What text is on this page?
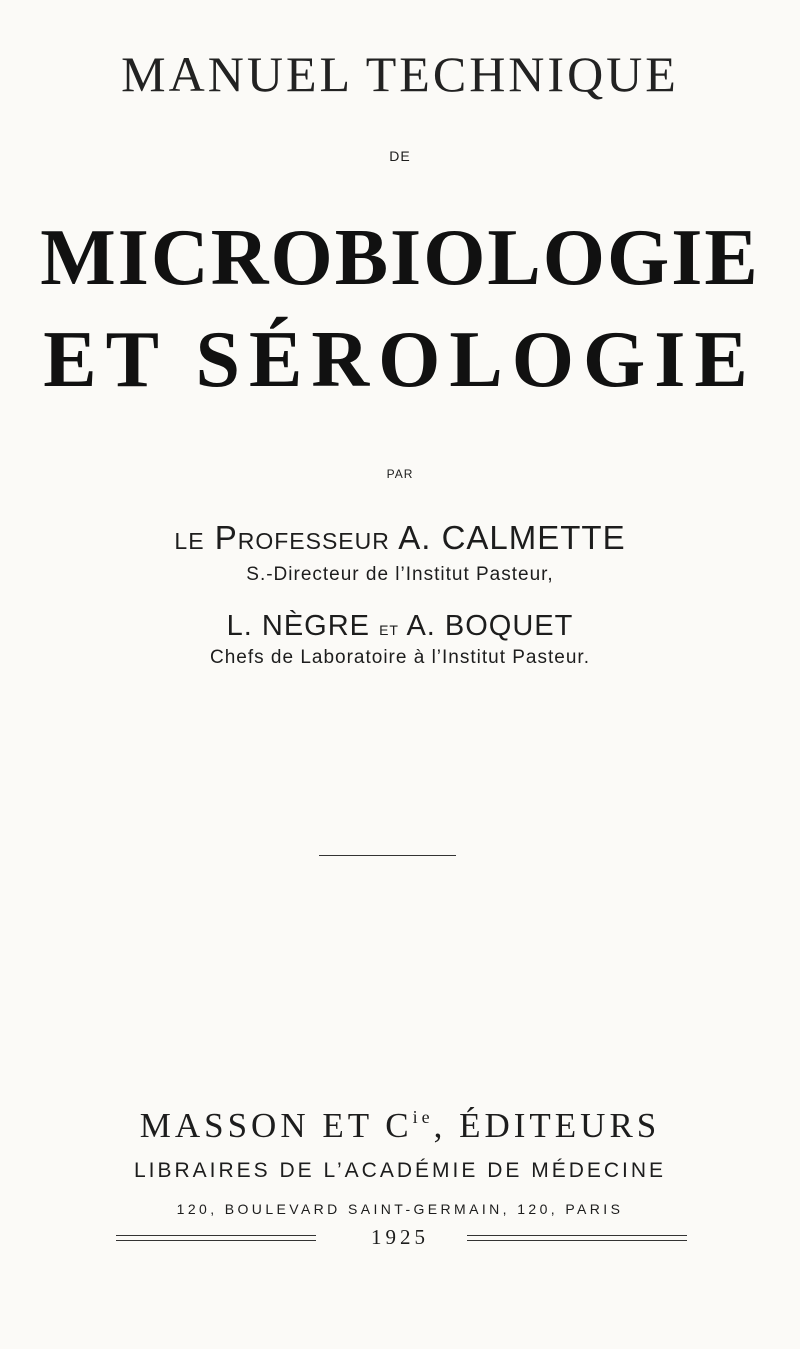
MANUEL TECHNIQUE
DE
MICROBIOLOGIE
ET SÉROLOGIE
PAR
le Professeur A. CALMETTE
S.-Directeur de l’Institut Pasteur,
L. NÈGRE et A. BOQUET
Chefs de Laboratoire à l’Institut Pasteur.
MASSON ET $C^{ie}$, ÉDITEURS
LIBRAIRES DE L’ACADÉMIE DE MÉDECINE
120, BOULEVARD SAINT-GERMAIN, 120, PARIS
1925
